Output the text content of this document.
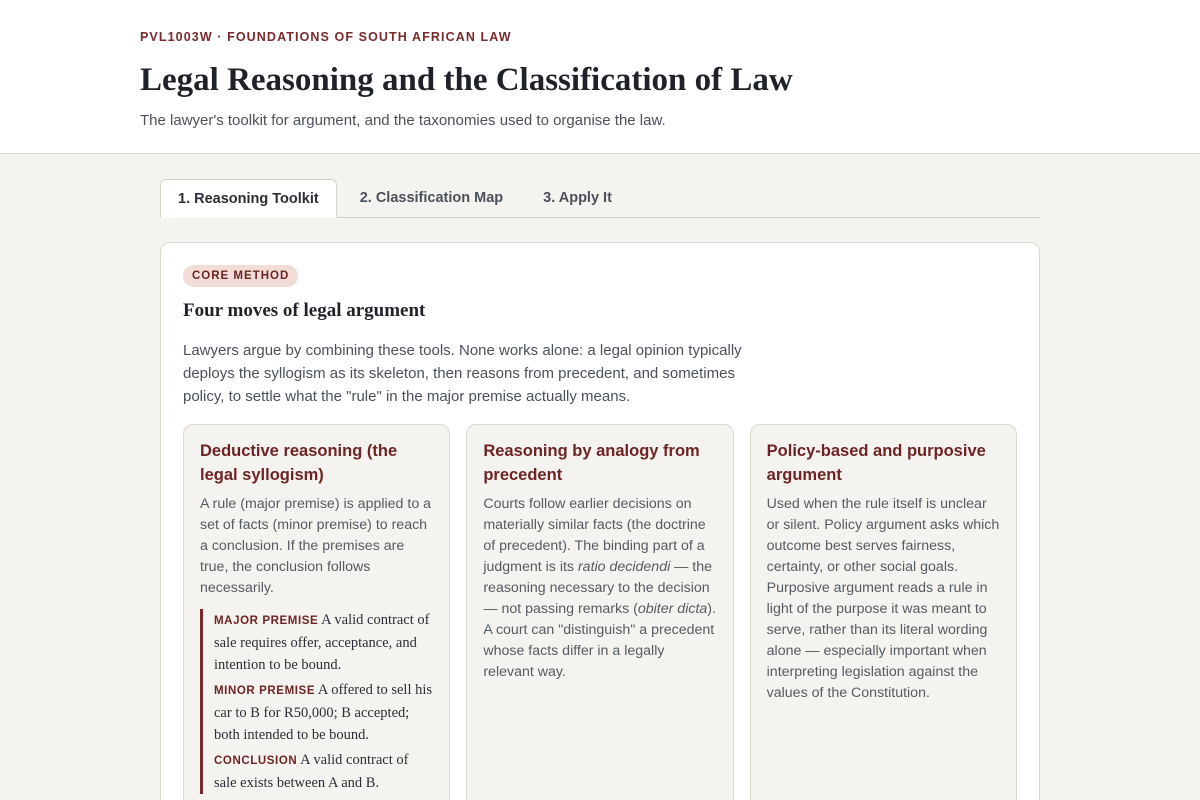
PVL1003W · FOUNDATIONS OF SOUTH AFRICAN LAW
Legal Reasoning and the Classification of Law
The lawyer's toolkit for argument, and the taxonomies used to organise the law.
1. Reasoning Toolkit	2. Classification Map	3. Apply It
CORE METHOD
Four moves of legal argument

Lawyers argue by combining these tools. None works alone: a legal opinion typically deploys the syllogism as its skeleton, then reasons from precedent, and sometimes policy, to settle what the "rule" in the major premise actually means.

Deductive reasoning (the legal syllogism)

A rule (major premise) is applied to a set of facts (minor premise) to reach a conclusion. If the premises are true, the conclusion follows necessarily.

MAJOR PREMISE A valid contract of sale requires offer, acceptance, and intention to be bound.
MINOR PREMISE A offered to sell his car to B for R50,000; B accepted; both intended to be bound.
CONCLUSION A valid contract of sale exists between A and B.
Reasoning by analogy from precedent

Courts follow earlier decisions on materially similar facts (the doctrine of precedent). The binding part of a judgment is its ratio decidendi — the reasoning necessary to the decision — not passing remarks (obiter dicta). A court can "distinguish" a precedent whose facts differ in a legally relevant way.

Policy-based and purposive argument

Used when the rule itself is unclear or silent. Policy argument asks which outcome best serves fairness, certainty, or other social goals. Purposive argument reads a rule in light of the purpose it was meant to serve, rather than its literal wording alone — especially important when interpreting legislation against the values of the Constitution.
